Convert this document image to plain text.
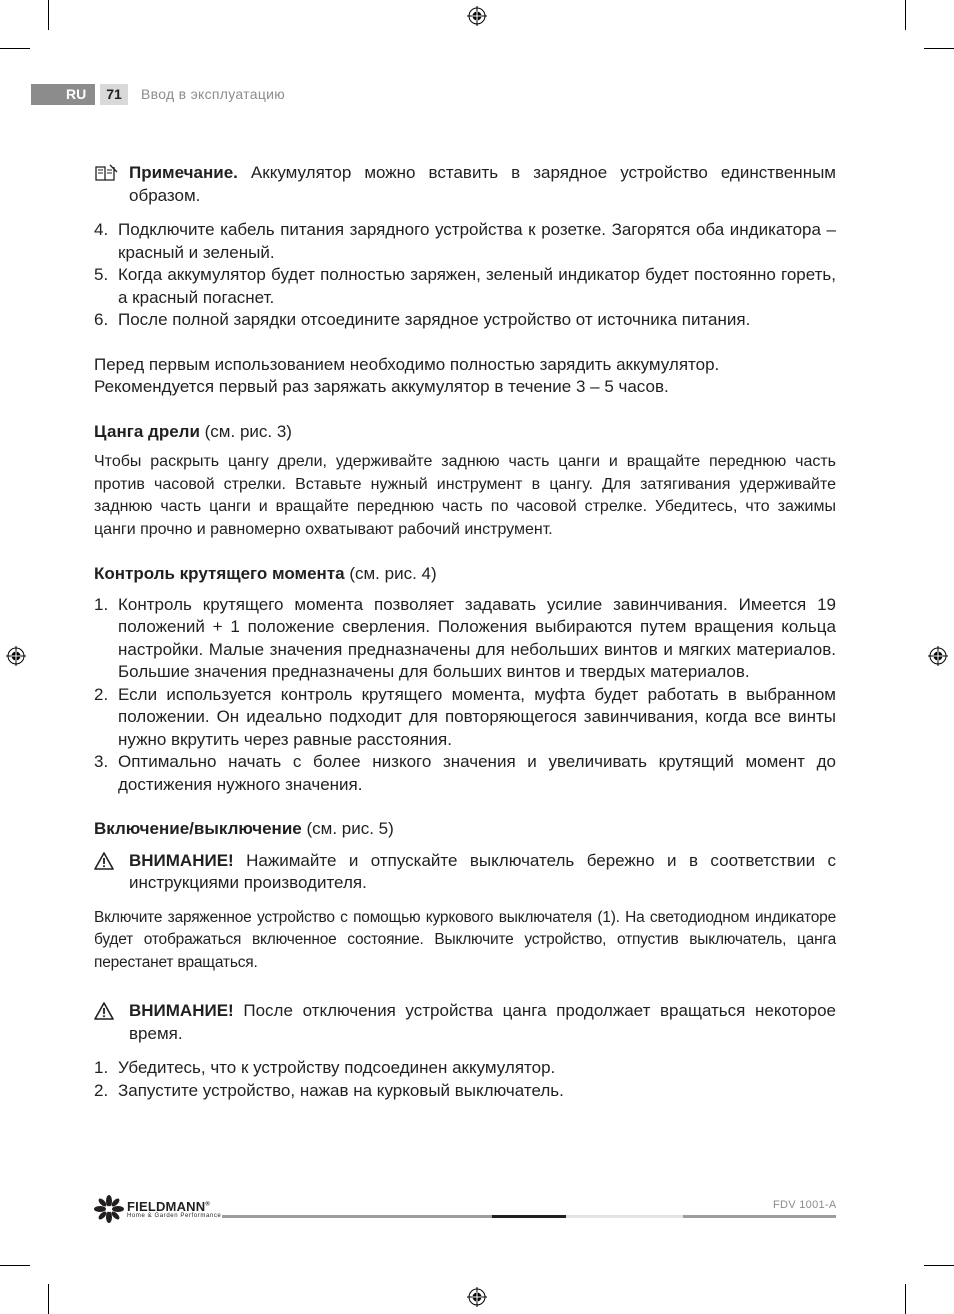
RU	71	Ввод в эксплуатацию
Примечание. Аккумулятор можно вставить в зарядное устройство единственным образом.
4. Подключите кабель питания зарядного устройства к розетке. Загорятся оба индикатора – красный и зеленый.
5. Когда аккумулятор будет полностью заряжен, зеленый индикатор будет постоянно гореть, а красный погаснет.
6. После полной зарядки отсоедините зарядное устройство от источника питания.

Перед первым использованием необходимо полностью зарядить аккумулятор.

Рекомендуется первый раз заряжать аккумулятор в течение 3 – 5 часов.

Цанга дрели (см. рис. 3)

Чтобы раскрыть цангу дрели, удерживайте заднюю часть цанги и вращайте переднюю часть против часовой стрелки. Вставьте нужный инструмент в цангу. Для затягивания удерживайте заднюю часть цанги и вращайте переднюю часть по часовой стрелке. Убедитесь, что зажимы цанги прочно и равномерно охватывают рабочий инструмент.

Контроль крутящего момента (см. рис. 4)

1. Контроль крутящего момента позволяет задавать усилие завинчивания. Имеется 19 положений + 1 положение сверления. Положения выбираются путем вращения кольца настройки. Малые значения предназначены для небольших винтов и мягких материалов. Большие значения предназначены для больших винтов и твердых материалов.
2. Если используется контроль крутящего момента, муфта будет работать в выбранном положении. Он идеально подходит для повторяющегося завинчивания, когда все винты нужно вкрутить через равные расстояния.
3. Оптимально начать с более низкого значения и увеличивать крутящий момент до достижения нужного значения.

Включение/выключение (см. рис. 5)

ВНИМАНИЕ! Нажимайте и отпускайте выключатель бережно и в соответствии с инструкциями производителя.

Включите заряженное устройство с помощью куркового выключателя (1). На светодиодном индикаторе будет отображаться включенное состояние. Выключите устройство, отпустив выключатель, цанга перестанет вращаться.

ВНИМАНИЕ! После отключения устройства цанга продолжает вращаться некоторое время.
1. Убедитесь, что к устройству подсоединен аккумулятор.
2. Запустите устройство, нажав на курковый выключатель.
FIELDMANN®
Home & Garden Performance
FDV 1001-A
